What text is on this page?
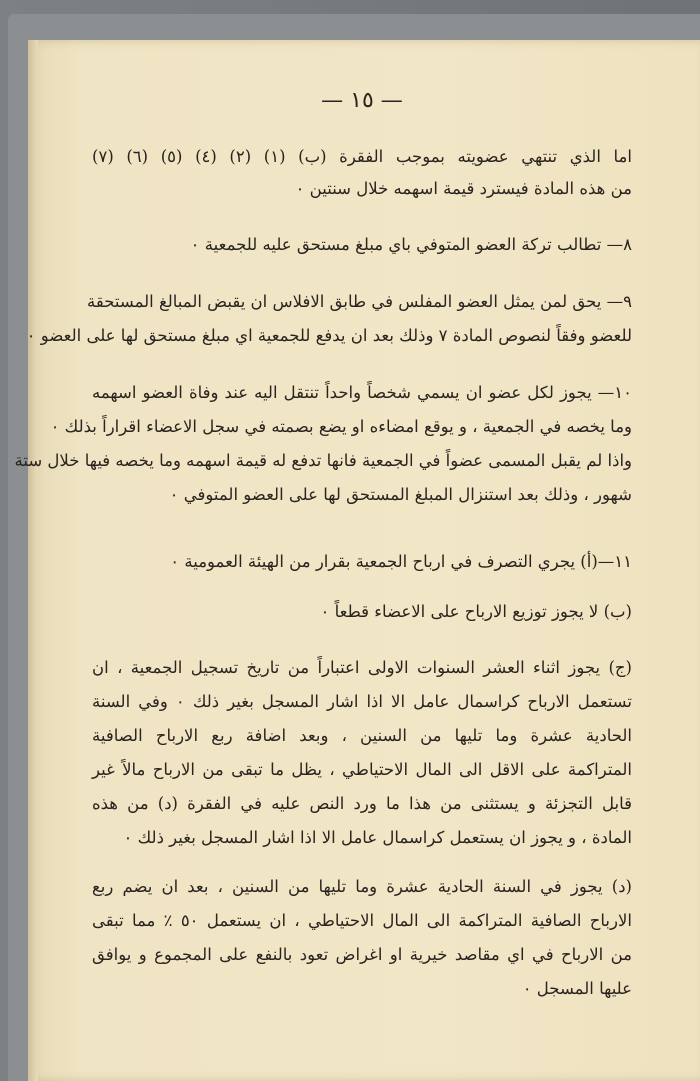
— ١٥ —
اما الذي تنتهي عضويته بموجب الفقرة (ب) (١) (٢) (٤) (٥) (٦) (٧)
من هذه المادة فيسترد قيمة اسهمه خلال سنتين ٠
٨— تطالب تركة العضو المتوفي باي مبلغ مستحق عليه للجمعية ٠
٩— يحق لمن يمثل العضو المفلس في طابق الافلاس ان يقبض المبالغ المستحقة
للعضو وفقاً لنصوص المادة ٧ وذلك بعد ان يدفع للجمعية اي مبلغ مستحق لها على العضو ٠
١٠— يجوز لكل عضو ان يسمي شخصاً واحداً تنتقل اليه عند وفاة العضو اسهمه
وما يخصه في الجمعية ، و يوقع امضاءه او يضع بصمته في سجل الاعضاء اقراراً بذلك ٠
واذا لم يقبل المسمى عضواً في الجمعية فانها تدفع له قيمة اسهمه وما يخصه فيها خلال ستة
شهور ، وذلك بعد استنزال المبلغ المستحق لها على العضو المتوفي ٠
١١—(أ) يجري التصرف في ارباح الجمعية بقرار من الهيئة العمومية ٠
(ب) لا يجوز توزيع الارباح على الاعضاء قطعاً ٠
(ج) يجوز اثناء العشر السنوات الاولى اعتباراً من تاريخ تسجيل الجمعية ، ان
تستعمل الارباح كراسمال عامل الا اذا اشار المسجل بغير ذلك ٠ وفي السنة
الحادية عشرة وما تليها من السنين ، وبعد اضافة ربع الارباح الصافية
المتراكمة على الاقل الى المال الاحتياطي ، يظل ما تبقى من الارباح مالاً غير
قابل التجزئة و يستثنى من هذا ما ورد النص عليه في الفقرة (د) من هذه
المادة ، و يجوز ان يستعمل كراسمال عامل الا اذا اشار المسجل بغير ذلك ٠
(د) يجوز في السنة الحادية عشرة وما تليها من السنين ، بعد ان يضم ربع
الارباح الصافية المتراكمة الى المال الاحتياطي ، ان يستعمل ٥٠ ٪ مما تبقى
من الارباح في اي مقاصد خيرية او اغراض تعود بالنفع على المجموع و يوافق
عليها المسجل ٠
